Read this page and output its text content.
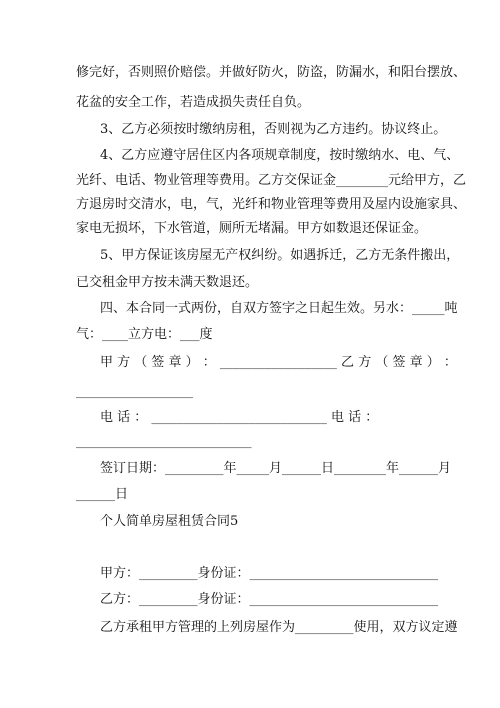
修完好，否则照价赔偿。并做好防火，防盗，防漏水，和阳台摆放、
花盆的安全工作，若造成损失责任自负。
3、乙方必须按时缴纳房租，否则视为乙方违约。协议终止。
4、乙方应遵守居住区内各项规章制度，按时缴纳水、电、气、
光纤、电话、物业管理等费用。乙方交保证金________元给甲方，乙
方退房时交清水，电，气，光纤和物业管理等费用及屋内设施家具、
家电无损坏，下水管道，厕所无堵漏。甲方如数退还保证金。
5、甲方保证该房屋无产权纠纷。如遇拆迁，乙方无条件搬出，
已交租金甲方按未满天数退还。
四、本合同一式两份，自双方签字之日起生效。另水：_____吨
气：____立方电：___度
甲 方 （ 签 章 ） ： __________________ 乙 方 （ 签 章 ） ：
__________________
电 话 ： ___________________________ 电 话 ：
___________________________
签订日期：_________年_____月______日________年______月
______日
个人简单房屋租赁合同5
甲方：_________身份证：_____________________________
乙方：_________身份证：_____________________________
乙方承租甲方管理的上列房屋作为_________使用，双方议定遵
